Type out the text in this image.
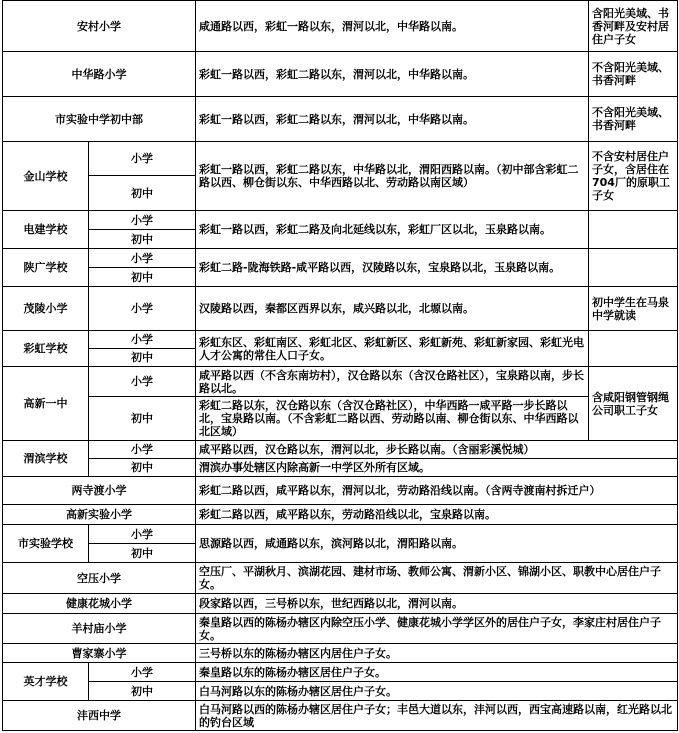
安村小学		咸通路以西，彩虹一路以东，渭河以北，中华路以南。	含阳光美域、书香河畔及安村居住户子女
中华路小学		彩虹一路以西，彩虹二路以东，渭河以北，中华路以南。	不含阳光美域、书香河畔
市实验中学初中部		彩虹一路以西，彩虹二路以东，渭河以北，中华路以南。	不含阳光美域、书香河畔
金山学校	小学	彩虹一路以西，彩虹二路以东，中华路以北，渭阳西路以南。（初中部含彩虹二路以西、柳仓街以东、中华西路以北、劳动路以南区域）	不含安村居住户子女，含居住在704厂的原职工子女
	初中		
电建学校	小学	彩虹一路以西，彩虹二路及向北延线以东，彩虹厂区以北，玉泉路以南。	
	初中		
陕广学校	小学	彩虹二路-陇海铁路-咸平路以西，汉陵路以东，宝泉路以北，玉泉路以南。	
	初中		
茂陵小学	小学	汉陵路以西，秦都区西界以东，咸兴路以北，北塬以南。	初中学生在马泉中学就读
彩虹学校	小学	彩虹东区、彩虹南区、彩虹北区、彩虹新区、彩虹新苑、彩虹新家园、彩虹光电人才公寓的常住人口子女。	
	初中		
高新一中	小学	咸平路以西（不含东南坊村），汉仓路以东（含汉仓路社区），宝泉路以南，步长路以北。	含咸阳钢管钢绳公司职工子女
	初中	彩虹二路以东，汉仓路以东（含汉仓路社区），中华西路一咸平路一步长路以北，宝泉路以南。（不含彩虹二路以西、劳动路以南、柳仓街以东、中华西路以北区域）	
渭滨学校	小学	咸平路以西，汉仓路以东，渭河以北，步长路以南。（含丽彩溪悦城）	
	初中	渭滨办事处辖区内除高新一中学区外所有区域。	
两寺渡小学		彩虹二路以西，咸平路以东，渭河以北，劳动路沿线以南。（含两寺渡南村拆迁户）	
高新实验小学		彩虹二路以西，咸平路以东，劳动路沿线以北，宝泉路以南。	
市实验学校	小学	思源路以西，咸通路以东，滨河路以北，渭阳路以南。	
	初中		
空压小学		空压厂、平湖秋月、滨湖花园、建材市场、教师公寓、渭新小区、锦湖小区、职教中心居住户子女。	
健康花城小学		段家路以西，三号桥以东，世纪西路以北，渭河以南。	
羊村庙小学		秦皇路以西的陈杨办辖区内除空压小学、健康花城小学学区外的居住户子女，李家庄村居住户子女。	
曹家寨小学		三号桥以东的陈杨办辖区内居住户子女。	
英才学校	小学	秦皇路以东的陈杨办辖区居住户子女。	
	初中	白马河路以东的陈杨办辖区居住户子女。	
沣西中学		白马河路以西的陈杨办辖区居住户子女；丰邑大道以东，沣河以西，西宝高速路以南，红光路以北的钓台区域	
